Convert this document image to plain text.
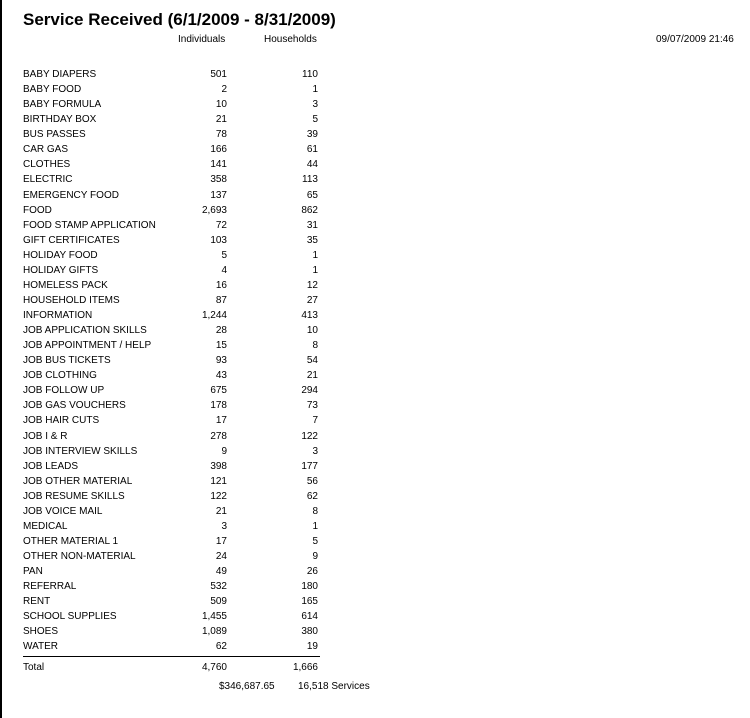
Service Received (6/1/2009 - 8/31/2009)
Individuals	Households	09/07/2009 21:46
BABY DIAPERS	501	110
BABY FOOD	2	1
BABY FORMULA	10	3
BIRTHDAY BOX	21	5
BUS PASSES	78	39
CAR GAS	166	61
CLOTHES	141	44
ELECTRIC	358	113
EMERGENCY FOOD	137	65
FOOD	2,693	862
FOOD STAMP APPLICATION	72	31
GIFT CERTIFICATES	103	35
HOLIDAY FOOD	5	1
HOLIDAY GIFTS	4	1
HOMELESS PACK	16	12
HOUSEHOLD ITEMS	87	27
INFORMATION	1,244	413
JOB APPLICATION SKILLS	28	10
JOB APPOINTMENT / HELP	15	8
JOB BUS TICKETS	93	54
JOB CLOTHING	43	21
JOB FOLLOW UP	675	294
JOB GAS VOUCHERS	178	73
JOB HAIR CUTS	17	7
JOB I & R	278	122
JOB INTERVIEW SKILLS	9	3
JOB LEADS	398	177
JOB OTHER MATERIAL	121	56
JOB RESUME SKILLS	122	62
JOB VOICE MAIL	21	8
MEDICAL	3	1
OTHER MATERIAL 1	17	5
OTHER NON-MATERIAL	24	9
PAN	49	26
REFERRAL	532	180
RENT	509	165
SCHOOL SUPPLIES	1,455	614
SHOES	1,089	380
WATER	62	19
Total	4,760	1,666
$346,687.65 16,518 Services
